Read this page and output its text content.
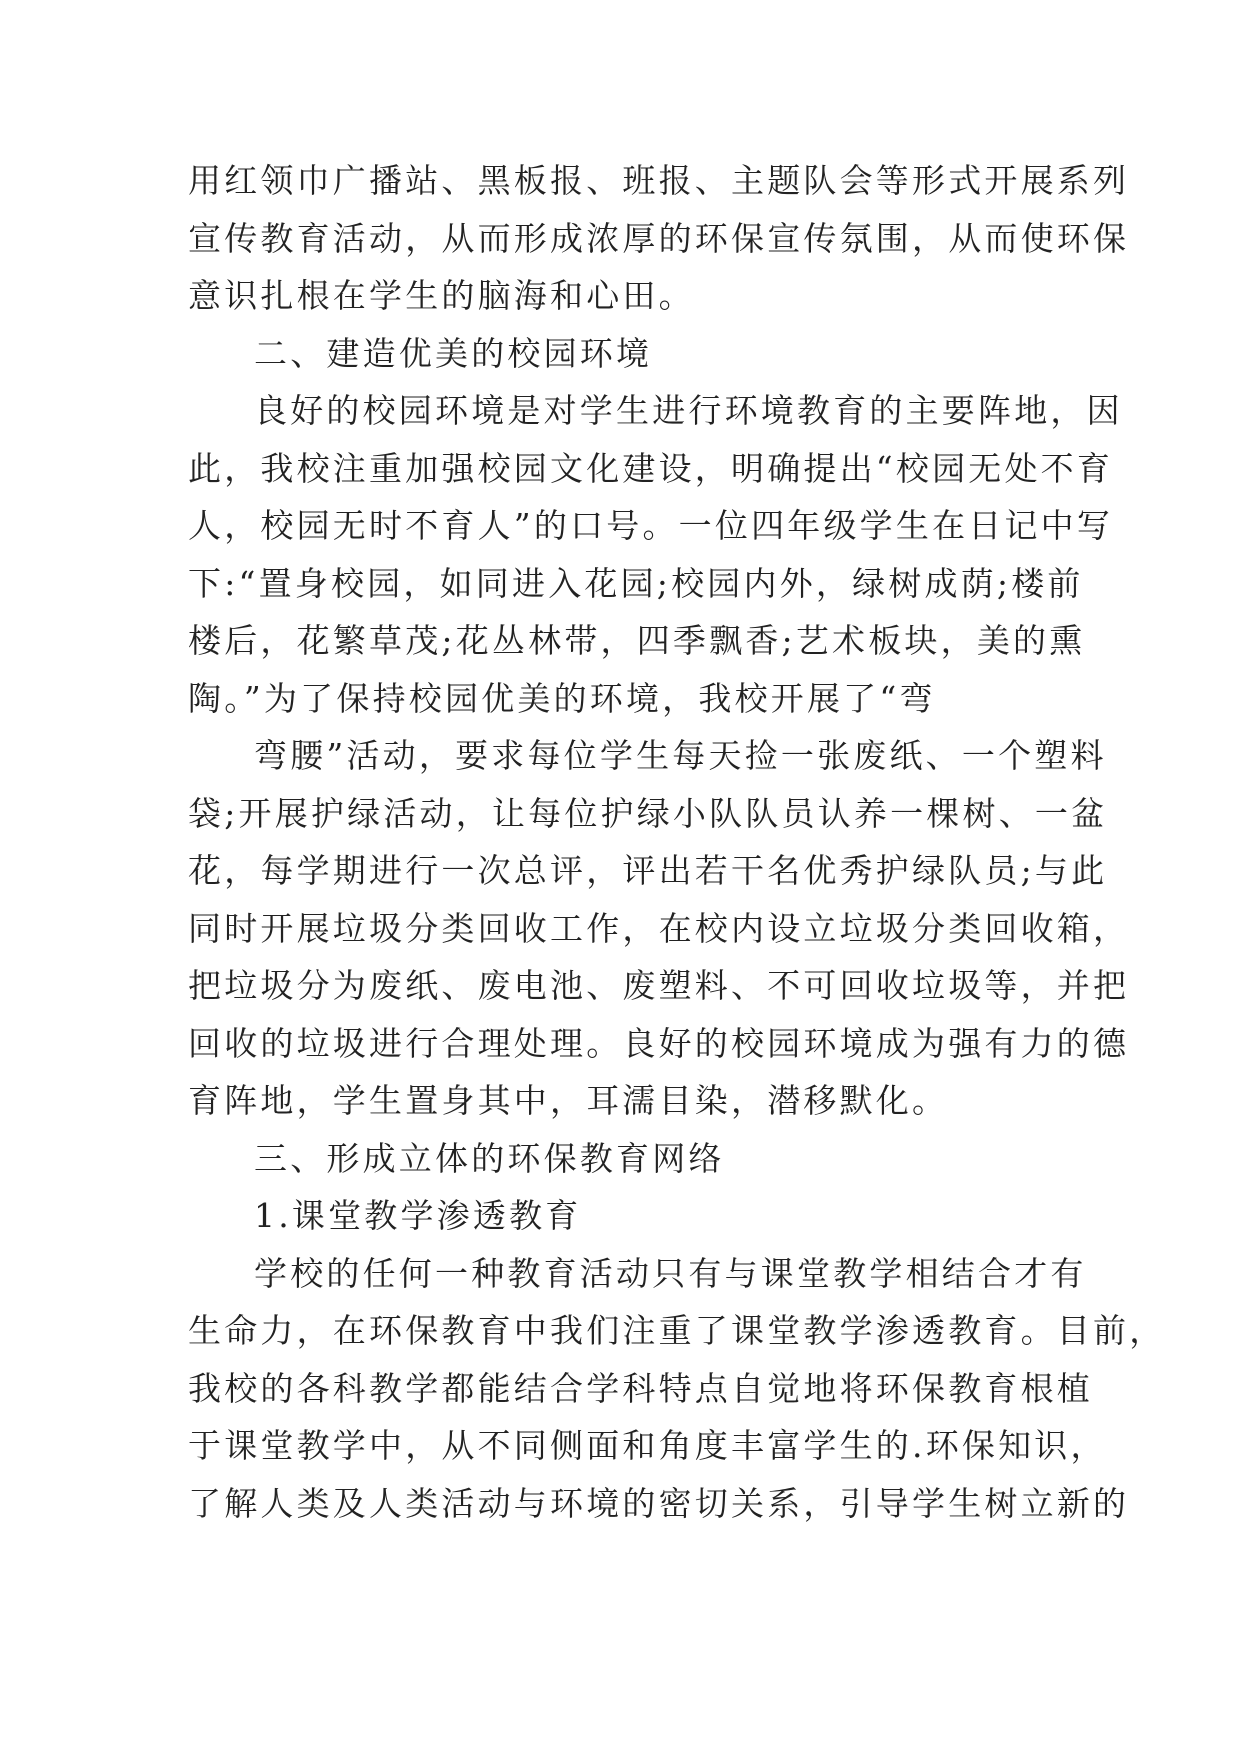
用红领巾广播站、黑板报、班报、主题队会等形式开展系列
宣传教育活动，从而形成浓厚的环保宣传氛围，从而使环保
意识扎根在学生的脑海和心田。
二、建造优美的校园环境
良好的校园环境是对学生进行环境教育的主要阵地，因
此，我校注重加强校园文化建设，明确提出“校园无处不育
人，校园无时不育人”的口号。一位四年级学生在日记中写
下:“置身校园，如同进入花园;校园内外，绿树成荫;楼前
楼后，花繁草茂;花丛林带，四季飘香;艺术板块，美的熏
陶。”为了保持校园优美的环境，我校开展了“弯
弯腰”活动，要求每位学生每天捡一张废纸、一个塑料
袋;开展护绿活动，让每位护绿小队队员认养一棵树、一盆
花，每学期进行一次总评，评出若干名优秀护绿队员;与此
同时开展垃圾分类回收工作，在校内设立垃圾分类回收箱，
把垃圾分为废纸、废电池、废塑料、不可回收垃圾等，并把
回收的垃圾进行合理处理。良好的校园环境成为强有力的德
育阵地，学生置身其中，耳濡目染，潜移默化。
三、形成立体的环保教育网络
1.课堂教学渗透教育
学校的任何一种教育活动只有与课堂教学相结合才有
生命力，在环保教育中我们注重了课堂教学渗透教育。目前，
我校的各科教学都能结合学科特点自觉地将环保教育根植
于课堂教学中，从不同侧面和角度丰富学生的.环保知识，
了解人类及人类活动与环境的密切关系，引导学生树立新的
